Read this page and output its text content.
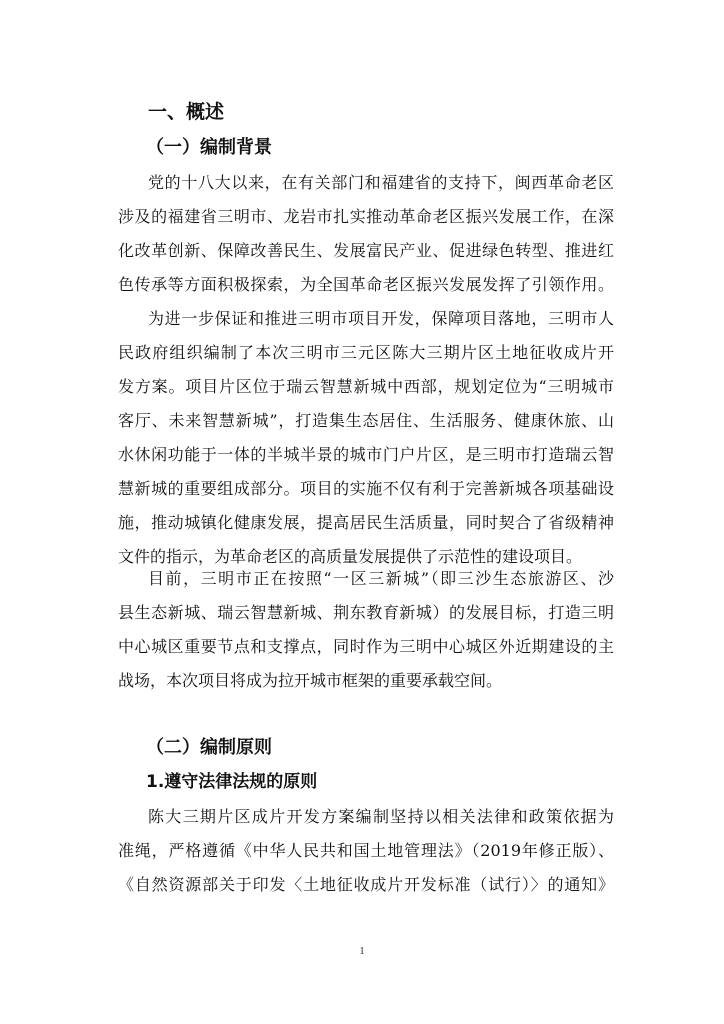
一、概述
（一）编制背景

党的十八大以来，在有关部门和福建省的支持下，闽西革命老区
涉及的福建省三明市、龙岩市扎实推动革命老区振兴发展工作，在深
化改革创新、保障改善民生、发展富民产业、促进绿色转型、推进红
色传承等方面积极探索，为全国革命老区振兴发展发挥了引领作用。

为进一步保证和推进三明市项目开发，保障项目落地，三明市人
民政府组织编制了本次三明市三元区陈大三期片区土地征收成片开
发方案。项目片区位于瑞云智慧新城中西部，规划定位为“三明城市
客厅、未来智慧新城”，打造集生态居住、生活服务、健康休旅、山
水休闲功能于一体的半城半景的城市门户片区，是三明市打造瑞云智
慧新城的重要组成部分。项目的实施不仅有利于完善新城各项基础设
施，推动城镇化健康发展，提高居民生活质量，同时契合了省级精神
文件的指示，为革命老区的高质量发展提供了示范性的建设项目。

目前，三明市正在按照“一区三新城”（即三沙生态旅游区、沙
县生态新城、瑞云智慧新城、荆东教育新城）的发展目标，打造三明
中心城区重要节点和支撑点，同时作为三明中心城区外近期建设的主
战场，本次项目将成为拉开城市框架的重要承载空间。

（二）编制原则
1.遵守法律法规的原则

陈大三期片区成片开发方案编制坚持以相关法律和政策依据为
准绳，严格遵循《中华人民共和国土地管理法》（2019年修正版）、
《自然资源部关于印发〈土地征收成片开发标准（试行）〉的通知》

1
